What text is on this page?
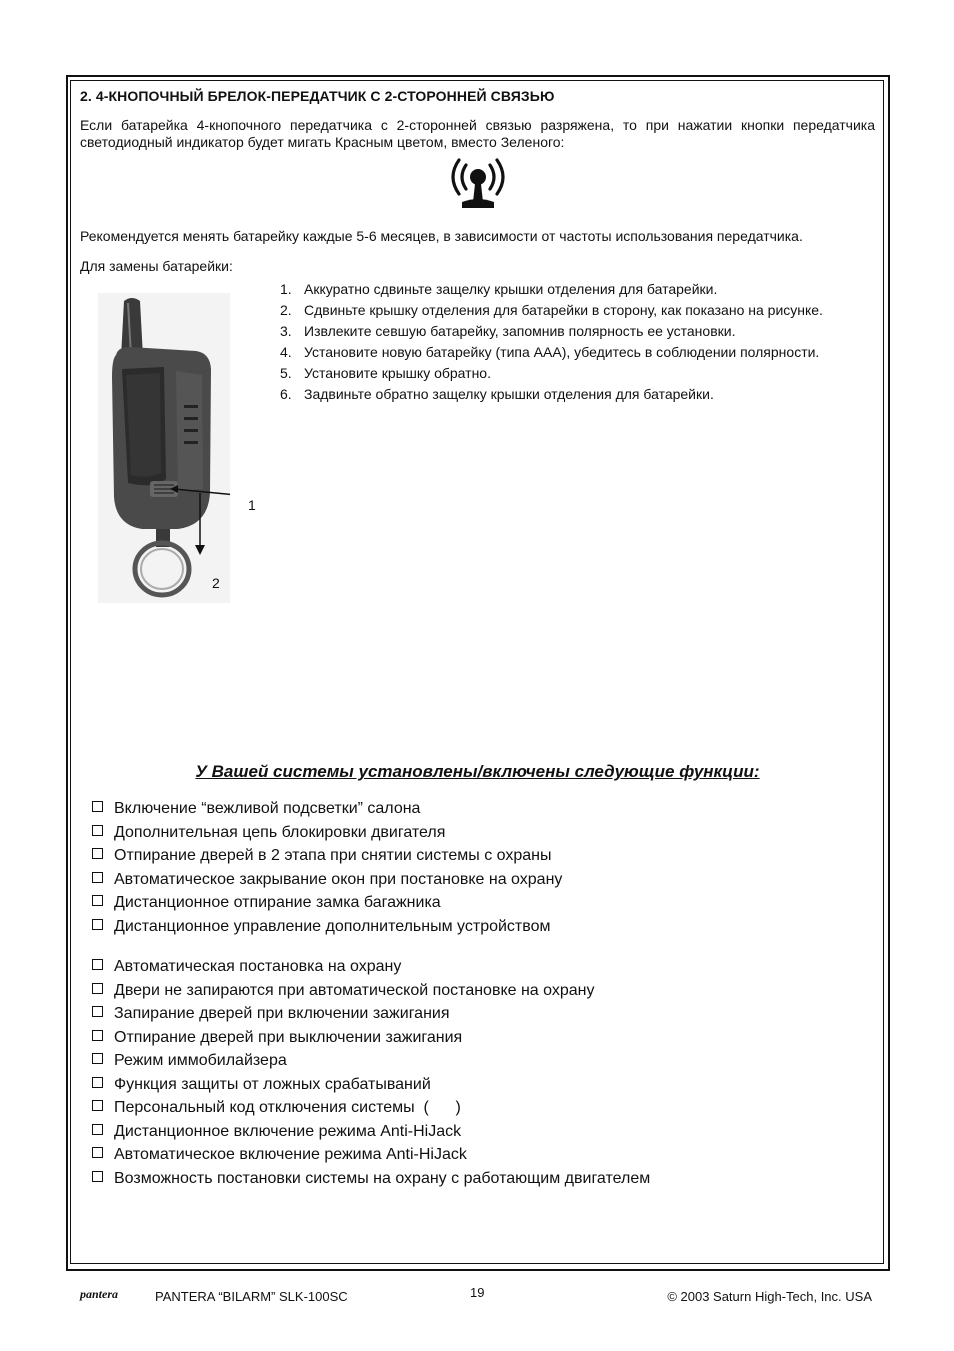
2. 4-КНОПОЧНЫЙ БРЕЛОК-ПЕРЕДАТЧИК С 2-СТОРОННЕЙ СВЯЗЬЮ

Если батарейка 4-кнопочного передатчика с 2-сторонней связью разряжена, то при нажатии кнопки передатчика светодиодный индикатор будет мигать Красным цветом, вместо Зеленого:

Рекомендуется менять батарейку каждые 5-6 месяцев, в зависимости от частоты использования передатчика.

Для замены батарейки:

1
2
1. Аккуратно сдвиньте защелку крышки отделения для батарейки.
2. Сдвиньте крышку отделения для батарейки в сторону, как показано на рисунке.
3. Извлеките севшую батарейку, запомнив полярность ее установки.
4. Установите новую батарейку (типа ААА), убедитесь в соблюдении полярности.
5. Установите крышку обратно.
6. Задвиньте обратно защелку крышки отделения для батарейки.
У Вашей системы установлены/включены следующие функции:
Включение “вежливой подсветки” салона
Дополнительная цепь блокировки двигателя
Отпирание дверей в 2 этапа при снятии системы с охраны
Автоматическое закрывание окон при постановке на охрану
Дистанционное отпирание замка багажника
Дистанционное управление дополнительным устройством
Автоматическая постановка на охрану
Двери не запираются при автоматической постановке на охрану
Запирание дверей при включении зажигания
Отпирание дверей при выключении зажигания
Режим иммобилайзера
Функция защиты от ложных срабатываний
Персональный код отключения системы  (      )
Дистанционное включение режима Anti-HiJack
Автоматическое включение режима Anti-HiJack
Возможность постановки системы на охрану с работающим двигателем
pantera	PANTERA “BILARM” SLK-100SC	19	© 2003 Saturn High-Tech, Inc. USA
